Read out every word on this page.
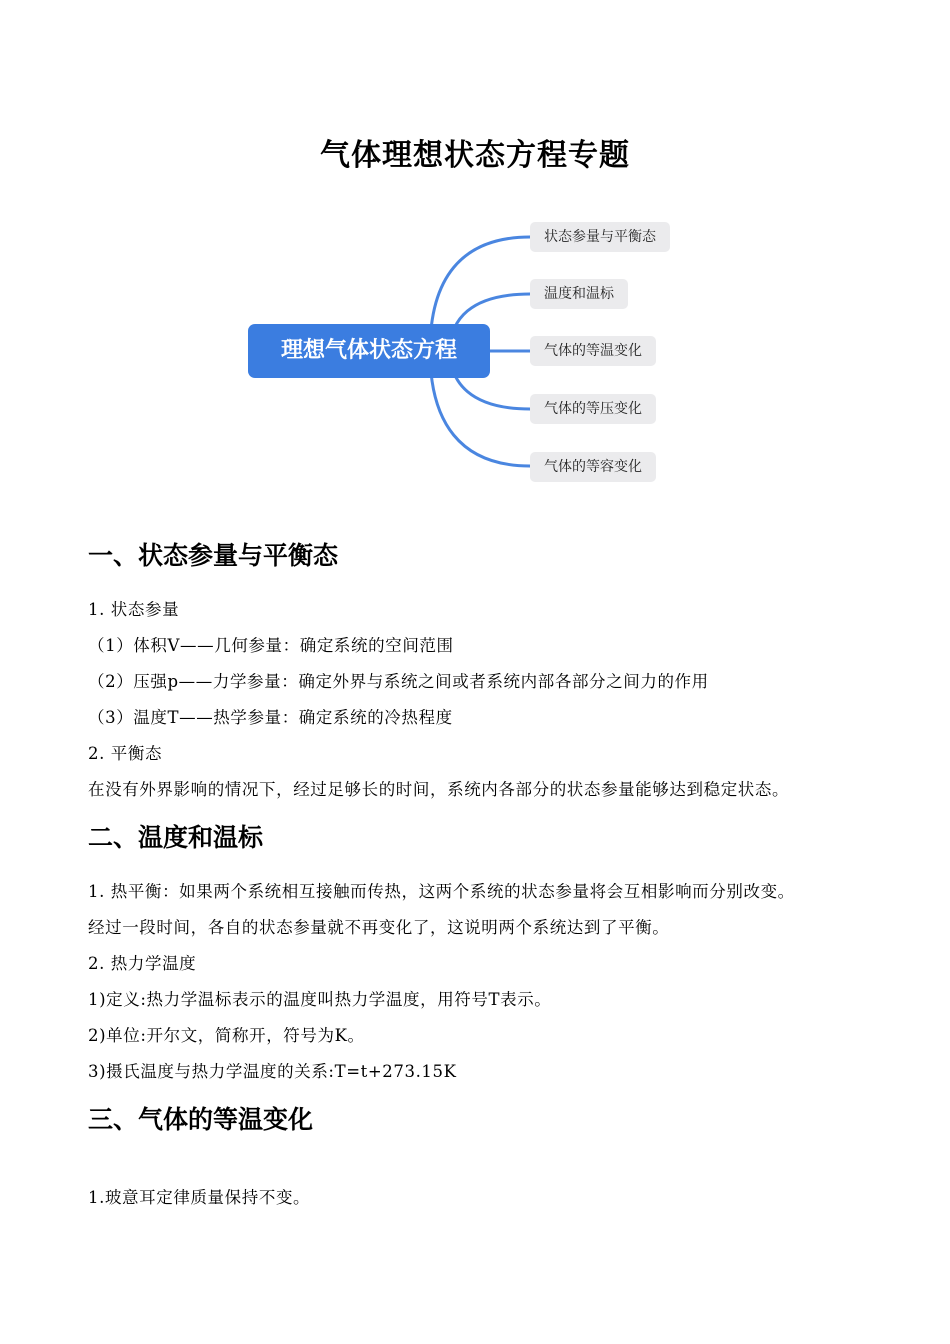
气体理想状态方程专题
理想气体状态方程
状态参量与平衡态
温度和温标
气体的等温变化
气体的等压变化
气体的等容变化
一、状态参量与平衡态
1. 状态参量
（1）体积V——几何参量：确定系统的空间范围
（2）压强p——力学参量：确定外界与系统之间或者系统内部各部分之间力的作用
（3）温度T——热学参量：确定系统的冷热程度
2. 平衡态
在没有外界影响的情况下，经过足够长的时间，系统内各部分的状态参量能够达到稳定状态。
二、温度和温标
1. 热平衡：如果两个系统相互接触而传热，这两个系统的状态参量将会互相影响而分别改变。
经过一段时间，各自的状态参量就不再变化了，这说明两个系统达到了平衡。
2. 热力学温度
1)定义:热力学温标表示的温度叫热力学温度，用符号T表示。
2)单位:开尔文，简称开，符号为K。
3)摄氏温度与热力学温度的关系:T=t+273.15K
三、气体的等温变化
1.玻意耳定律质量保持不变。
